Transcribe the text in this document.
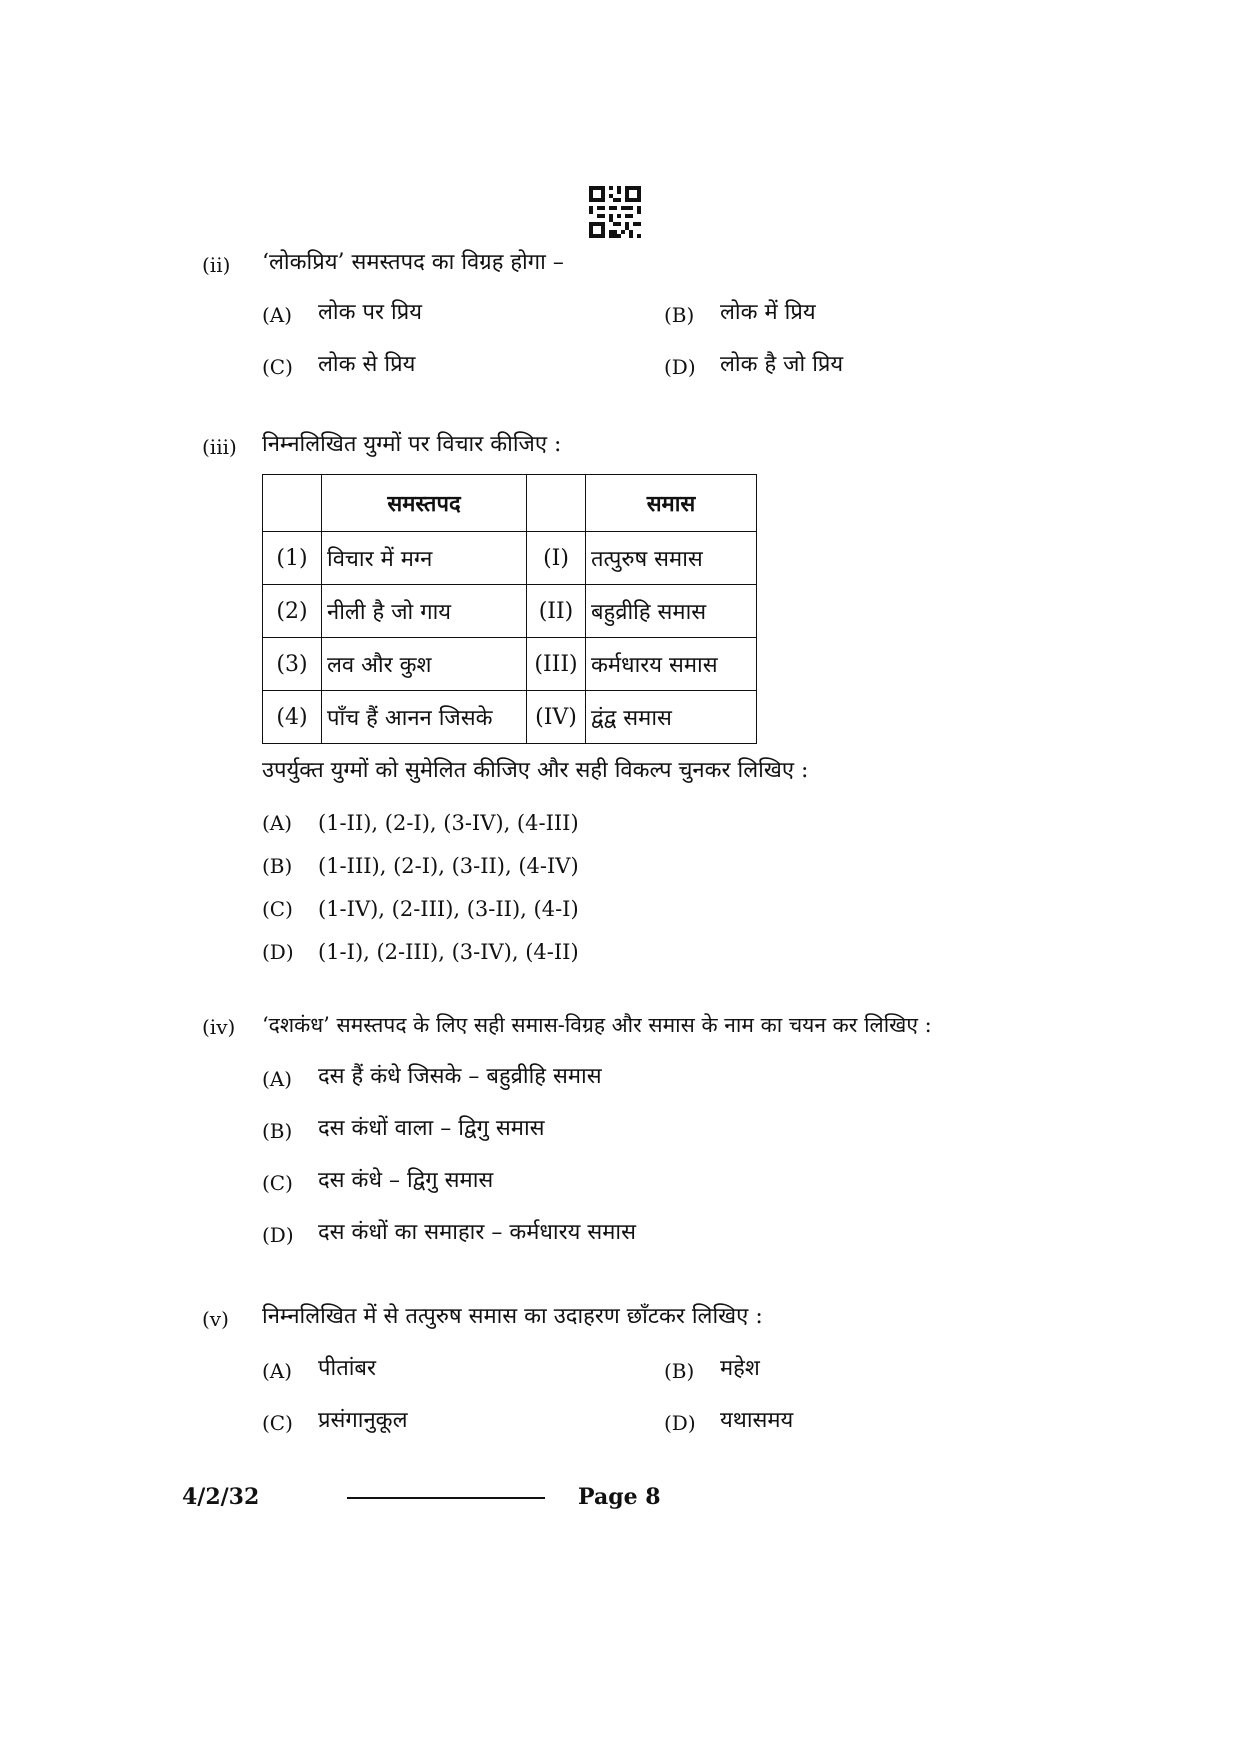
(ii) ‘लोकप्रिय’ समस्तपद का विग्रह होगा –
(A) लोक पर प्रिय	(B) लोक में प्रिय
(C) लोक से प्रिय	(D) लोक है जो प्रिय
(iii) निम्नलिखित युग्मों पर विचार कीजिए :
	समस्तपद		समास
(1)	विचार में मग्न	(I)	तत्पुरुष समास
(2)	नीली है जो गाय	(II)	बहुव्रीहि समास
(3)	लव और कुश	(III)	कर्मधारय समास
(4)	पाँच हैं आनन जिसके	(IV)	द्वंद्व समास
उपर्युक्त युग्मों को सुमेलित कीजिए और सही विकल्प चुनकर लिखिए :
(A) (1-II), (2-I), (3-IV), (4-III)
(B) (1-III), (2-I), (3-II), (4-IV)
(C) (1-IV), (2-III), (3-II), (4-I)
(D) (1-I), (2-III), (3-IV), (4-II)
(iv) ‘दशकंध’ समस्तपद के लिए सही समास-विग्रह और समास के नाम का चयन कर लिखिए :
(A) दस हैं कंधे जिसके – बहुव्रीहि समास
(B) दस कंधों वाला – द्विगु समास
(C) दस कंधे – द्विगु समास
(D) दस कंधों का समाहार – कर्मधारय समास
(v) निम्नलिखित में से तत्पुरुष समास का उदाहरण छाँटकर लिखिए :
(A) पीतांबर	(B) महेश
(C) प्रसंगानुकूल	(D) यथासमय
4/2/32	Page 8
